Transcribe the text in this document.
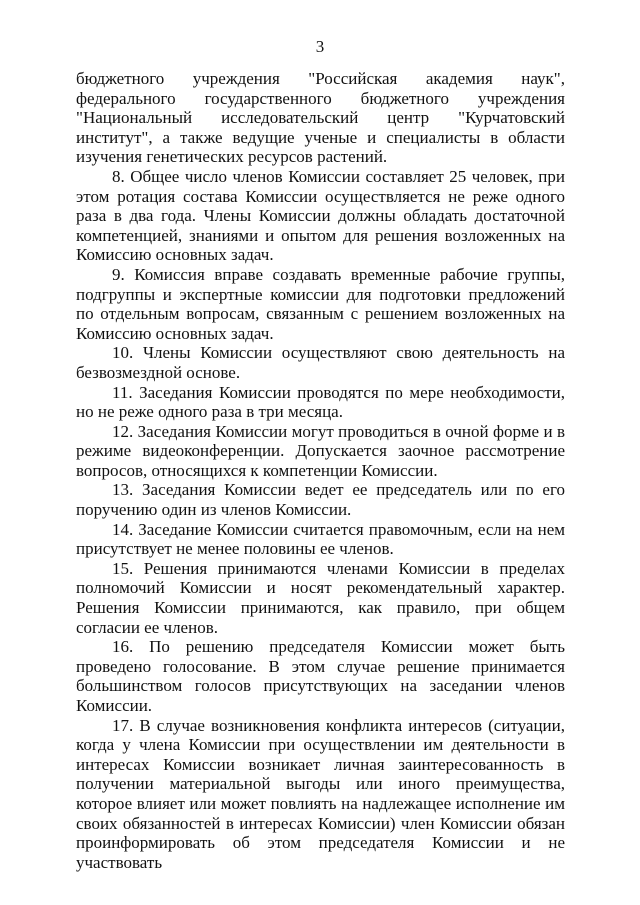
3

бюджетного учреждения "Российская академия наук", федерального государственного бюджетного учреждения "Национальный исследовательский центр "Курчатовский институт", а также ведущие ученые и специалисты в области изучения генетических ресурсов растений.

8. Общее число членов Комиссии составляет 25 человек, при этом ротация состава Комиссии осуществляется не реже одного раза в два года. Члены Комиссии должны обладать достаточной компетенцией, знаниями и опытом для решения возложенных на Комиссию основных задач.

9. Комиссия вправе создавать временные рабочие группы, подгруппы и экспертные комиссии для подготовки предложений по отдельным вопросам, связанным с решением возложенных на Комиссию основных задач.

10. Члены Комиссии осуществляют свою деятельность на безвозмездной основе.

11. Заседания Комиссии проводятся по мере необходимости, но не реже одного раза в три месяца.

12. Заседания Комиссии могут проводиться в очной форме и в режиме видеоконференции. Допускается заочное рассмотрение вопросов, относящихся к компетенции Комиссии.

13. Заседания Комиссии ведет ее председатель или по его поручению один из членов Комиссии.

14. Заседание Комиссии считается правомочным, если на нем присутствует не менее половины ее членов.

15. Решения принимаются членами Комиссии в пределах полномочий Комиссии и носят рекомендательный характер. Решения Комиссии принимаются, как правило, при общем согласии ее членов.

16. По решению председателя Комиссии может быть проведено голосование. В этом случае решение принимается большинством голосов присутствующих на заседании членов Комиссии.

17. В случае возникновения конфликта интересов (ситуации, когда у члена Комиссии при осуществлении им деятельности в интересах Комиссии возникает личная заинтересованность в получении материальной выгоды или иного преимущества, которое влияет или может повлиять на надлежащее исполнение им своих обязанностей в интересах Комиссии) член Комиссии обязан проинформировать об этом председателя Комиссии и не участвовать
